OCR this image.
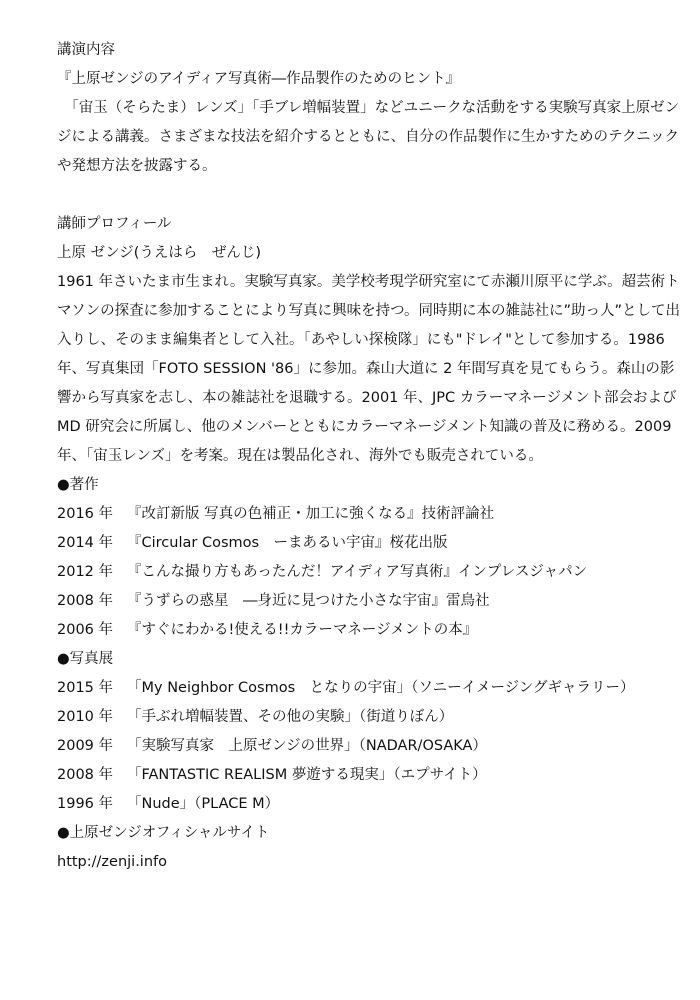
講演内容
『上原ゼンジのアイディア写真術―作品製作のためのヒント』
　「宙玉（そらたま）レンズ」「手ブレ増幅装置」などユニークな活動をする実験写真家上原ゼンジによる講義。さまざまな技法を紹介するとともに、自分の作品製作に生かすためのテクニックや発想方法を披露する。
講師プロフィール
上原 ゼンジ(うえはら　ぜんじ)
1961 年さいたま市生まれ。実験写真家。美学校考現学研究室にて赤瀬川原平に学ぶ。超芸術トマソンの探査に参加することにより写真に興味を持つ。同時期に本の雑誌社に”助っ人”として出入りし、そのまま編集者として入社。「あやしい探検隊」にも"ドレイ"として参加する。1986 年、写真集団「FOTO SESSION '86」に参加。森山大道に 2 年間写真を見てもらう。森山の影響から写真家を志し、本の雑誌社を退職する。2001 年、JPC カラーマネージメント部会および MD 研究会に所属し、他のメンバーとともにカラーマネージメント知識の普及に務める。2009 年、「宙玉レンズ」を考案。現在は製品化され、海外でも販売されている。
●著作
2016 年 『改訂新版 写真の色補正・加工に強くなる』技術評論社
2014 年 『Circular Cosmos　ーまあるい宇宙』桜花出版
2012 年 『こんな撮り方もあったんだ！アイディア写真術』インプレスジャパン
2008 年 『うずらの惑星　―身近に見つけた小さな宇宙』雷鳥社
2006 年 『すぐにわかる!使える!!カラーマネージメントの本』
●写真展
2015 年 「My Neighbor Cosmos　となりの宇宙」（ソニーイメージングギャラリー）
2010 年 「手ぶれ増幅装置、その他の実験」（街道りぼん）
2009 年 「実験写真家　上原ゼンジの世界」（NADAR/OSAKA）
2008 年 「FANTASTIC REALISM 夢遊する現実」（エプサイト）
1996 年 「Nude」（PLACE M）
●上原ゼンジオフィシャルサイト
http://zenji.info
